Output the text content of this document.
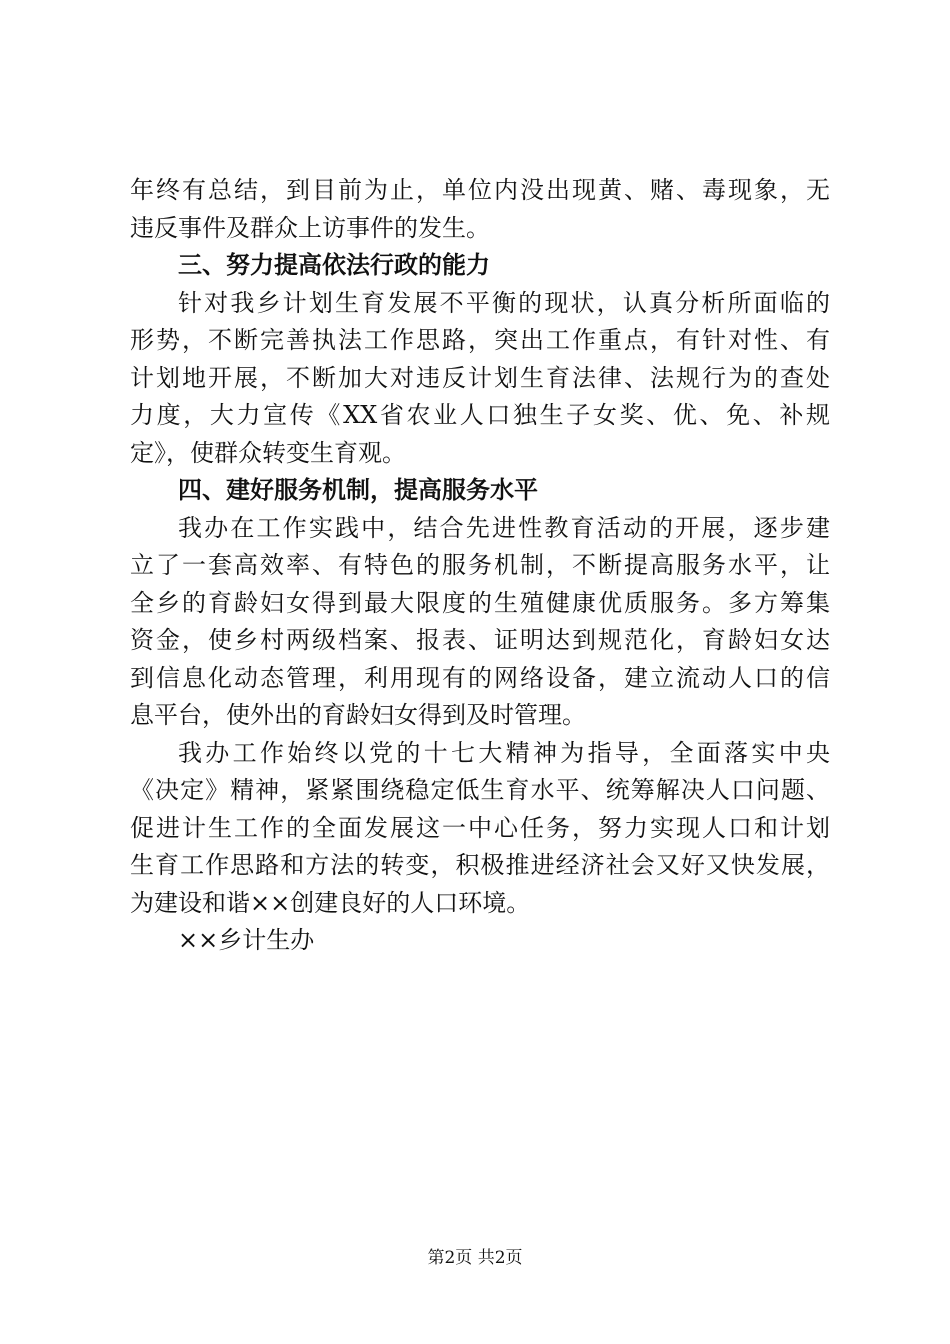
年终有总结，到目前为止，单位内没出现黄、赌、毒现象，无
违反事件及群众上访事件的发生。
三、努力提高依法行政的能力
针对我乡计划生育发展不平衡的现状，认真分析所面临的
形势，不断完善执法工作思路，突出工作重点，有针对性、有
计划地开展，不断加大对违反计划生育法律、法规行为的查处
力度，大力宣传《XX省农业人口独生子女奖、优、免、补规
定》，使群众转变生育观。
四、建好服务机制，提高服务水平
我办在工作实践中，结合先进性教育活动的开展，逐步建
立了一套高效率、有特色的服务机制，不断提高服务水平，让
全乡的育龄妇女得到最大限度的生殖健康优质服务。多方筹集
资金，使乡村两级档案、报表、证明达到规范化，育龄妇女达
到信息化动态管理，利用现有的网络设备，建立流动人口的信
息平台，使外出的育龄妇女得到及时管理。
我办工作始终以党的十七大精神为指导，全面落实中央
《决定》精神，紧紧围绕稳定低生育水平、统筹解决人口问题、
促进计生工作的全面发展这一中心任务，努力实现人口和计划
生育工作思路和方法的转变，积极推进经济社会又好又快发展，
为建设和谐××创建良好的人口环境。
××乡计生办
第2页 共2页
